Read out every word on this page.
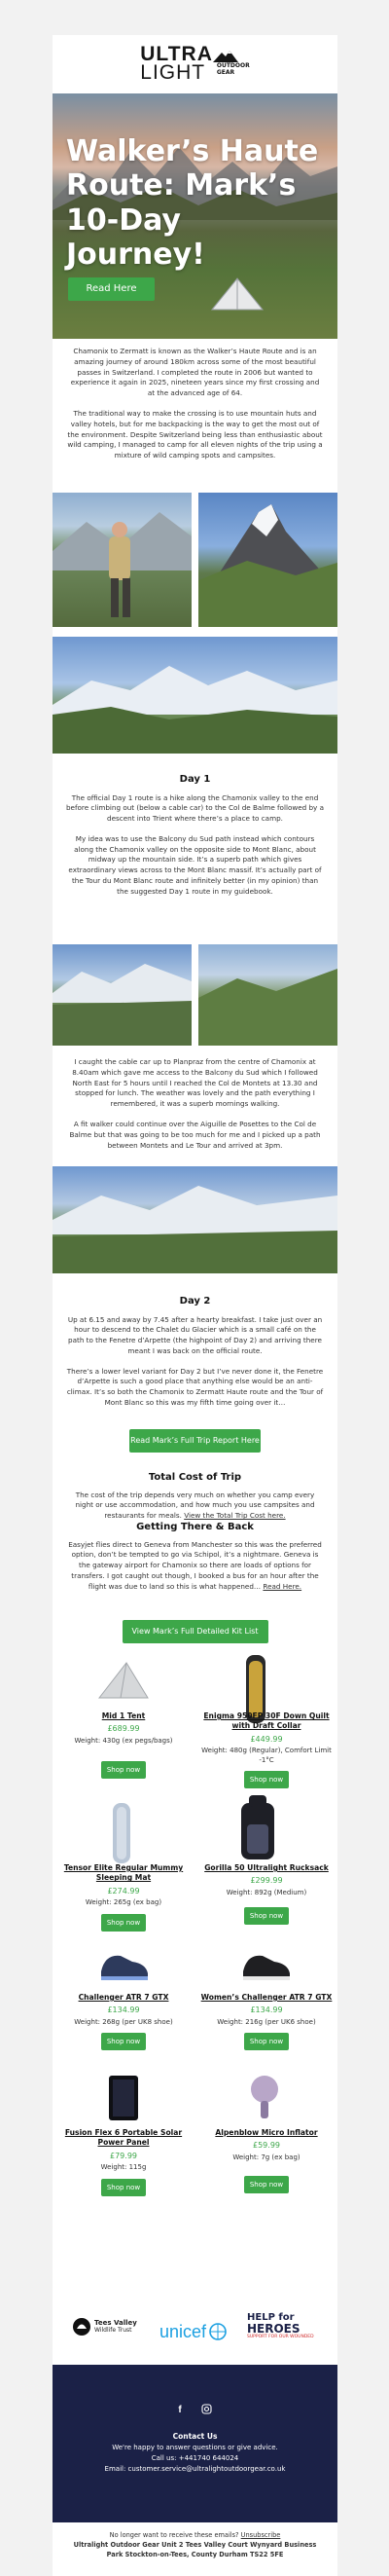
ULTRA
LIGHT	OUTDOOR
GEAR
Walker’s Haute Route: Mark’s 10-Day Journey!
Read Here

Chamonix to Zermatt is known as the Walker’s Haute Route and is an amazing journey of around 180km across some of the most beautiful passes in Switzerland. I completed the route in 2006 but wanted to experience it again in 2025, nineteen years since my first crossing and at the advanced age of 64.

The traditional way to make the crossing is to use mountain huts and valley hotels, but for me backpacking is the way to get the most out of the environment. Despite Switzerland being less than enthusiastic about wild camping, I managed to camp for all eleven nights of the trip using a mixture of wild camping spots and campsites.

Day 1

The official Day 1 route is a hike along the Chamonix valley to the end before climbing out (below a cable car) to the Col de Balme followed by a descent into Trient where there’s a place to camp.

My idea was to use the Balcony du Sud path instead which contours along the Chamonix valley on the opposite side to Mont Blanc, about midway up the mountain side. It’s a superb path which gives extraordinary views across to the Mont Blanc massif. It’s actually part of the Tour du Mont Blanc route and infinitely better (in my opinion) than the suggested Day 1 route in my guidebook.

I caught the cable car up to Planpraz from the centre of Chamonix at 8.40am which gave me access to the Balcony du Sud which I followed North East for 5 hours until I reached the Col de Montets at 13.30 and stopped for lunch. The weather was lovely and the path everything I remembered, it was a superb mornings walking.

A fit walker could continue over the Aiguille de Posettes to the Col de Balme but that was going to be too much for me and I picked up a path between Montets and Le Tour and arrived at 3pm.

Day 2

Up at 6.15 and away by 7.45 after a hearty breakfast. I take just over an hour to descend to the Chalet du Glacier which is a small café on the path to the Fenetre d’Arpette (the highpoint of Day 2) and arriving there meant I was back on the official route.

There’s a lower level variant for Day 2 but I’ve never done it, the Fenetre d’Arpette is such a good place that anything else would be an anti-climax. It’s so both the Chamonix to Zermatt Haute route and the Tour of Mont Blanc so this was my fifth time going over it…

Read Mark’s Full Trip Report Here
Total Cost of Trip

The cost of the trip depends very much on whether you camp every night or use accommodation, and how much you use campsites and restaurants for meals. View the Total Trip Cost here.

Getting There & Back

Easyjet flies direct to Geneva from Manchester so this was the preferred option, don’t be tempted to go via Schipol, it’s a nightmare. Geneva is the gateway airport for Chamonix so there are loads of options for transfers. I got caught out though, I booked a bus for an hour after the flight was due to land so this is what happened… Read Here.

View Mark’s Full Detailed Kit List Here
Mid 1 Tent
£689.99
Weight: 430g (ex pegs/bags)
Shop now
Enigma 950FP 30F Down Quilt with Draft Collar
£449.99
Weight: 480g (Regular), Comfort Limit -1°C
Shop now
Tensor Elite Regular Mummy Sleeping Mat
£274.99
Weight: 265g (ex bag)
Shop now
Gorilla 50 Ultralight Rucksack
£299.99
Weight: 892g (Medium)
Shop now
Challenger ATR 7 GTX
£134.99
Weight: 268g (per UK8 shoe)
Shop now
Women’s Challenger ATR 7 GTX
£134.99
Weight: 216g (per UK6 shoe)
Shop now
Fusion Flex 6 Portable Solar Power Panel
£79.99
Weight: 115g
Shop now
Alpenblow Micro Inflator
£59.99
Weight: 7g (ex bag)
Shop now
Tees Valley
Wildlife Trust unicef
HELP for
HEROES
SUPPORT FOR OUR WOUNDED
f
Contact Us
We're happy to answer questions or give advice.
Call us: +441740 644024
Email: customer.service@ultralightoutdoorgear.co.uk
No longer want to receive these emails? Unsubscribe
Ultralight Outdoor Gear Unit 2 Tees Valley Court Wynyard Business Park Stockton-on-Tees, County Durham TS22 5FE
